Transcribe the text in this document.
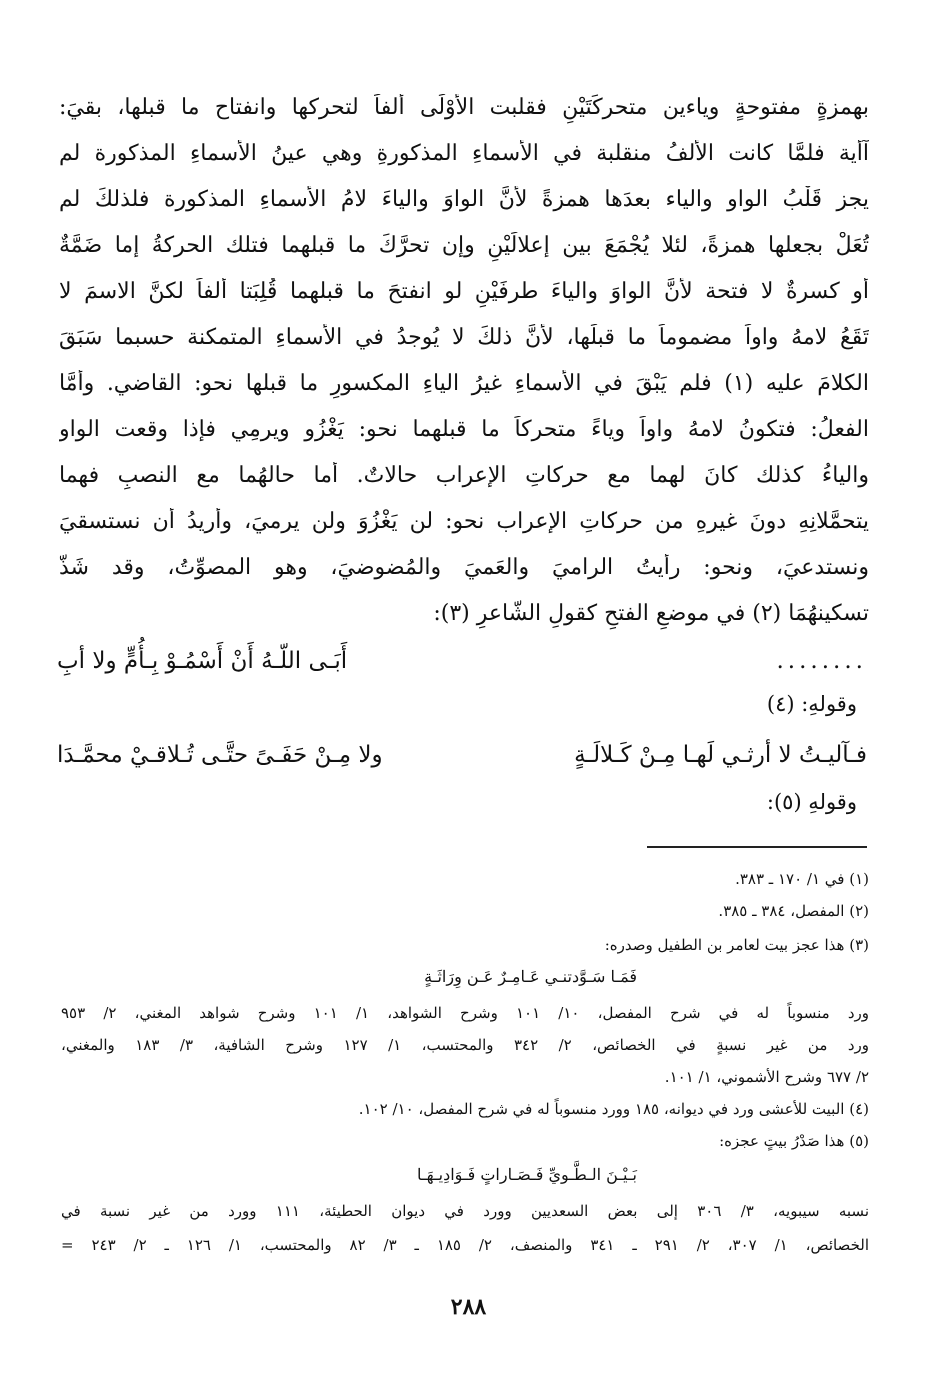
بهمزةٍ مفتوحةٍ وياءين متحركَتَيْنِ فقلبت الأُوْلَى ألفاً لتحركها وانفتاح ما قبلها، بقيَ:
آأية فلمَّا كانت الألفُ منقلبة في الأسماءِ المذكورةِ وهي عينُ الأَسماءِ المذكورة لم
يجز قَلْبُ الواو والياء بعدَها همزةً لأَنَّ الواوَ والياءَ لامُ الأسماءِ المذكورة فلذلكَ لم
تُعَلْ بجعلها همزةً، لئلا يُجْمَعَ بين إعلالَيْنِ وإن تحرَّكَ ما قبلهما فتلك الحركةُ إما ضَمَّةٌ
أو كسرةٌ لا فتحة لأنَّ الواوَ والياءَ طرفَيْنِ لو انفتحَ ما قبلهما قُلِبَتا ألفاً لكنَّ الاسمَ لا
تَقَعُ لامهُ واواً مضموماً ما قبلَها، لأنَّ ذلكَ لا يُوجدُ في الأَسماءِ المتمكنة حسبما سَبَقَ
الكلامَ عليه (١) فلم يَبْقَ في الأسماءِ غيرُ الياءِ المكسورِ ما قبلها نحو: القاضي. وأمَّا
الفعلُ: فتكونُ لامهُ واواً وياءً متحركاً ما قبلهما نحو: يَغْزُو ويرمِي فإذا وقعت الواو
والياءُ كذلك كانَ لهما مع حركاتِ الإعراب حالاتٌ. أما حالهُما مع النصبِ فهما
يتحمَّلانِهِ دونَ غيرهِ من حركاتِ الإعراب نحو: لن يَغْزُوَ ولن يرميَ، وأريدُ أن نستسقيَ
ونستدعيَ، ونحو: رأيتُ الراميَ والعَميَ والمُضوضيَ، وهو المصوِّتُ، وقد شَذَّ
تسكينهُمَا (٢) في موضعِ الفتحِ كقولِ الشَّاعرِ (٣):
........
أَبَـى اللّـهُ أَنْ أَسْمُـوْ بِـأُمٍّ ولا أبِ
وقولهِ: (٤)
فـآليـتُ لا أرثـي لَهـا مِـنْ كَـلالَـةٍ
ولا مِـنْ حَفَـىً حتَّـى تُـلاقـيْ محمَّـدَا
وقولهِ (٥):
(١) في ١/ ١٧٠ ـ ٣٨٣.
(٢) المفصل، ٣٨٤ ـ ٣٨٥.
(٣) هذا عجز بيت لعامر بن الطفيل وصدره:
فَمَـا سَـوَّدتنـي عَـامِـرٌ عَـن وِرَاثَـةٍ
ورد منسوباً له في شرح المفصل، ١٠/ ١٠١ وشرح الشواهد، ١/ ١٠١ وشرح شواهد المغني، ٢/ ٩٥٣
ورد من غير نسبةٍ في الخصائص، ٢/ ٣٤٢ والمحتسب، ١/ ١٢٧ وشرح الشافية، ٣/ ١٨٣ والمغني،
٢/ ٦٧٧ وشرح الأشموني، ١/ ١٠١.
(٤) البيت للأعشى ورد في ديوانه، ١٨٥ وورد منسوباً له في شرح المفصل، ١٠/ ١٠٢.
(٥) هذا صَدْرُ بيتٍ عجزه:
بَـيْـنَ الـطَّـويِّ فَـصَـاراتٍ فَـوَادِيـهَـا
نسبه سيبويه، ٣/ ٣٠٦ إلى بعض السعديين وورد في ديوان الحطيئة، ١١١ وورد من غير نسبة في
الخصائص، ١/ ٣٠٧، ٢/ ٢٩١ ـ ٣٤١ والمنصف، ٢/ ١٨٥ ـ ٣/ ٨٢ والمحتسب، ١/ ١٢٦ ـ ٢/ ٢٤٣ =
٢٨٨
